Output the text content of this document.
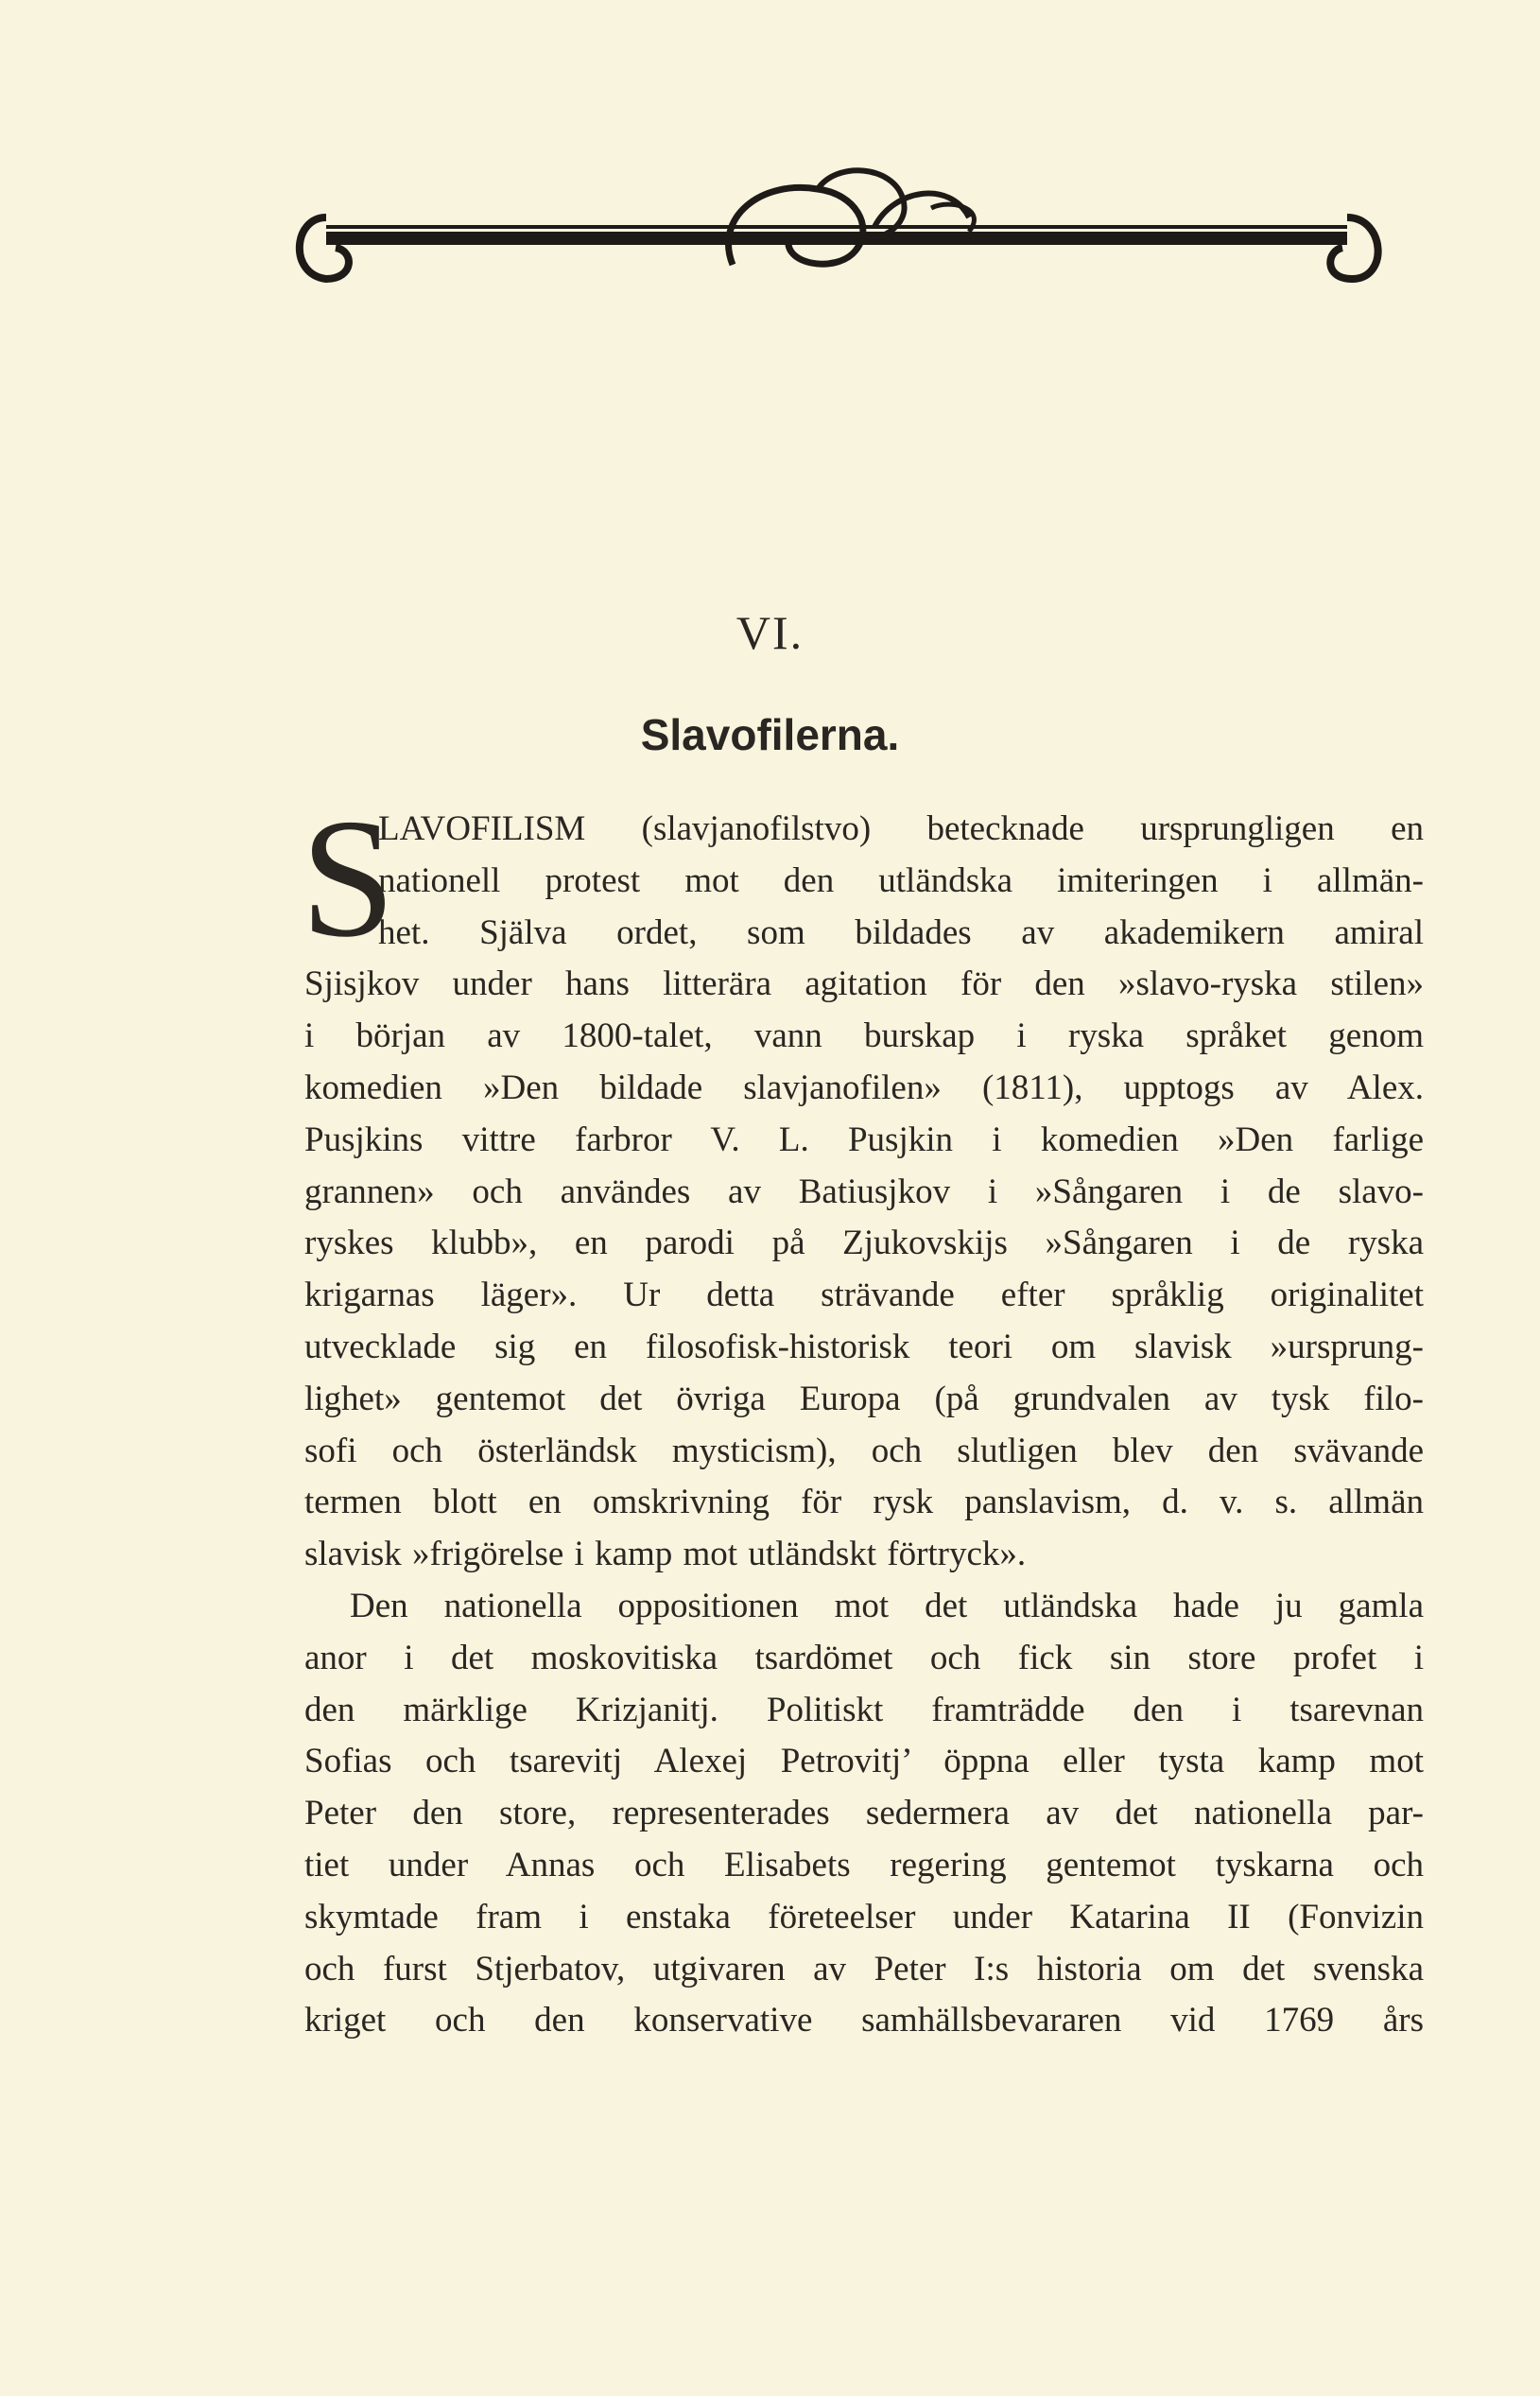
VI.
Slavofilerna.
S
LAVOFILISM (slavjanofilstvo) betecknade ursprungligen en
nationell protest mot den utländska imiteringen i allmän-
het. Själva ordet, som bildades av akademikern amiral
Sjisjkov under hans litterära agitation för den »slavo-ryska stilen»
i början av 1800-talet, vann burskap i ryska språket genom
komedien »Den bildade slavjanofilen» (1811), upptogs av Alex.
Pusjkins vittre farbror V. L. Pusjkin i komedien »Den farlige
grannen» och användes av Batiusjkov i »Sångaren i de slavo-
ryskes klubb», en parodi på Zjukovskijs »Sångaren i de ryska
krigarnas läger». Ur detta strävande efter språklig originalitet
utvecklade sig en filosofisk-historisk teori om slavisk »ursprung-
lighet» gentemot det övriga Europa (på grundvalen av tysk filo-
sofi och österländsk mysticism), och slutligen blev den svävande
termen blott en omskrivning för rysk panslavism, d. v. s. allmän
slavisk »frigörelse i kamp mot utländskt förtryck».
Den nationella oppositionen mot det utländska hade ju gamla
anor i det moskovitiska tsardömet och fick sin store profet i
den märklige Krizjanitj. Politiskt framträdde den i tsarevnan
Sofias och tsarevitj Alexej Petrovitj’ öppna eller tysta kamp mot
Peter den store, representerades sedermera av det nationella par-
tiet under Annas och Elisabets regering gentemot tyskarna och
skymtade fram i enstaka företeelser under Katarina II (Fonvizin
och furst Stjerbatov, utgivaren av Peter I:s historia om det svenska
kriget och den konservative samhällsbevararen vid 1769 års
